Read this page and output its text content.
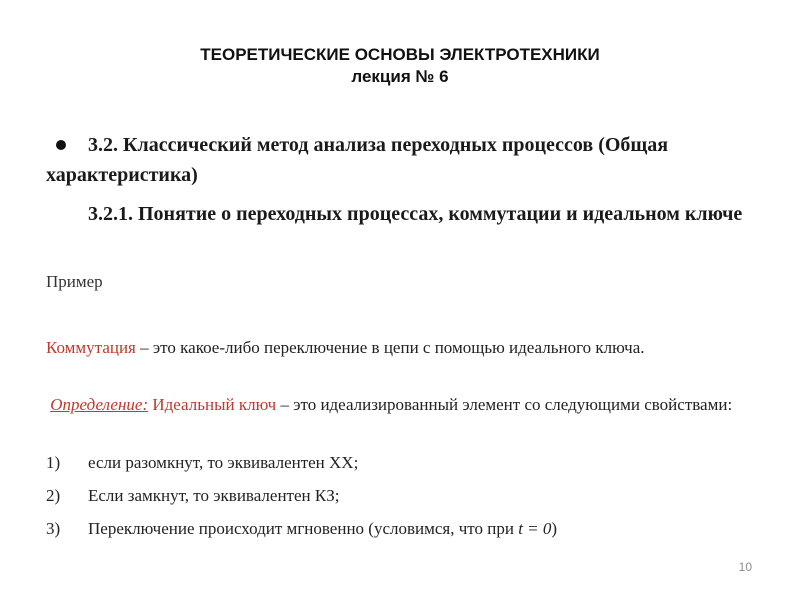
ТЕОРЕТИЧЕСКИЕ ОСНОВЫ ЭЛЕКТРОТЕХНИКИ
лекция № 6
3.2. Классический метод анализа переходных процессов (Общая характеристика)
3.2.1. Понятие о переходных процессах, коммутации и идеальном ключе
Пример
Коммутация – это какое-либо переключение в цепи с помощью идеального ключа.
Определение: Идеальный ключ – это идеализированный элемент со следующими свойствами:
1)	если разомкнут, то эквивалентен ХХ;
2)	Если замкнут, то эквивалентен КЗ;
3)	Переключение происходит мгновенно (условимся, что при t = 0)
10
